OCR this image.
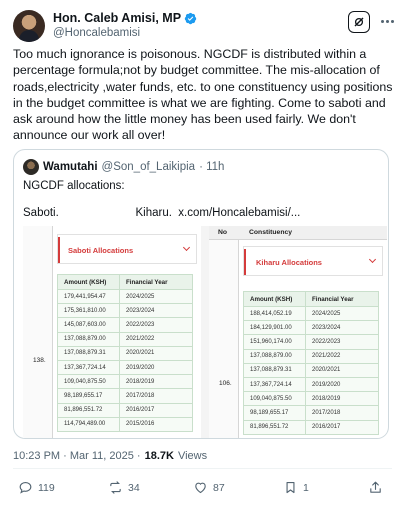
Hon. Caleb Amisi, MP
@Honcalebamisi
Too much ignorance is poisonous. NGCDF is distributed within a percentage formula;not by budget committee. The mis-allocation of roads,electricity ,water funds, etc. to one constituency using positions in the budget committee is what we are fighting. Come to saboti and ask around how the little money has been used fairly. We don't announce our work all over!
Wamutahi @Son_of_Laikipia · 11h
NGCDF allocations:
Saboti.                        Kiharu.  x.com/Honcalebamisi/...
138.
Saboti Allocations
Amount (KSH)	Financial Year
179,441,954.47	2024/2025
175,361,810.00	2023/2024
145,087,603.00	2022/2023
137,088,879.00	2021/2022
137,088,879.31	2020/2021
137,367,724.14	2019/2020
109,040,875.50	2018/2019
98,189,655.17	2017/2018
81,896,551.72	2016/2017
114,794,489.00	2015/2016
No	Constituency
106.
Kiharu Allocations
Amount (KSH)	Financial Year
188,414,052.19	2024/2025
184,129,901.00	2023/2024
151,960,174.00	2022/2023
137,088,879.00	2021/2022
137,088,879.31	2020/2021
137,367,724.14	2019/2020
109,040,875.50	2018/2019
98,189,655.17	2017/2018
81,896,551.72	2016/2017
10:23 PM · Mar 11, 2025 · 18.7K Views
119	34	87	1
